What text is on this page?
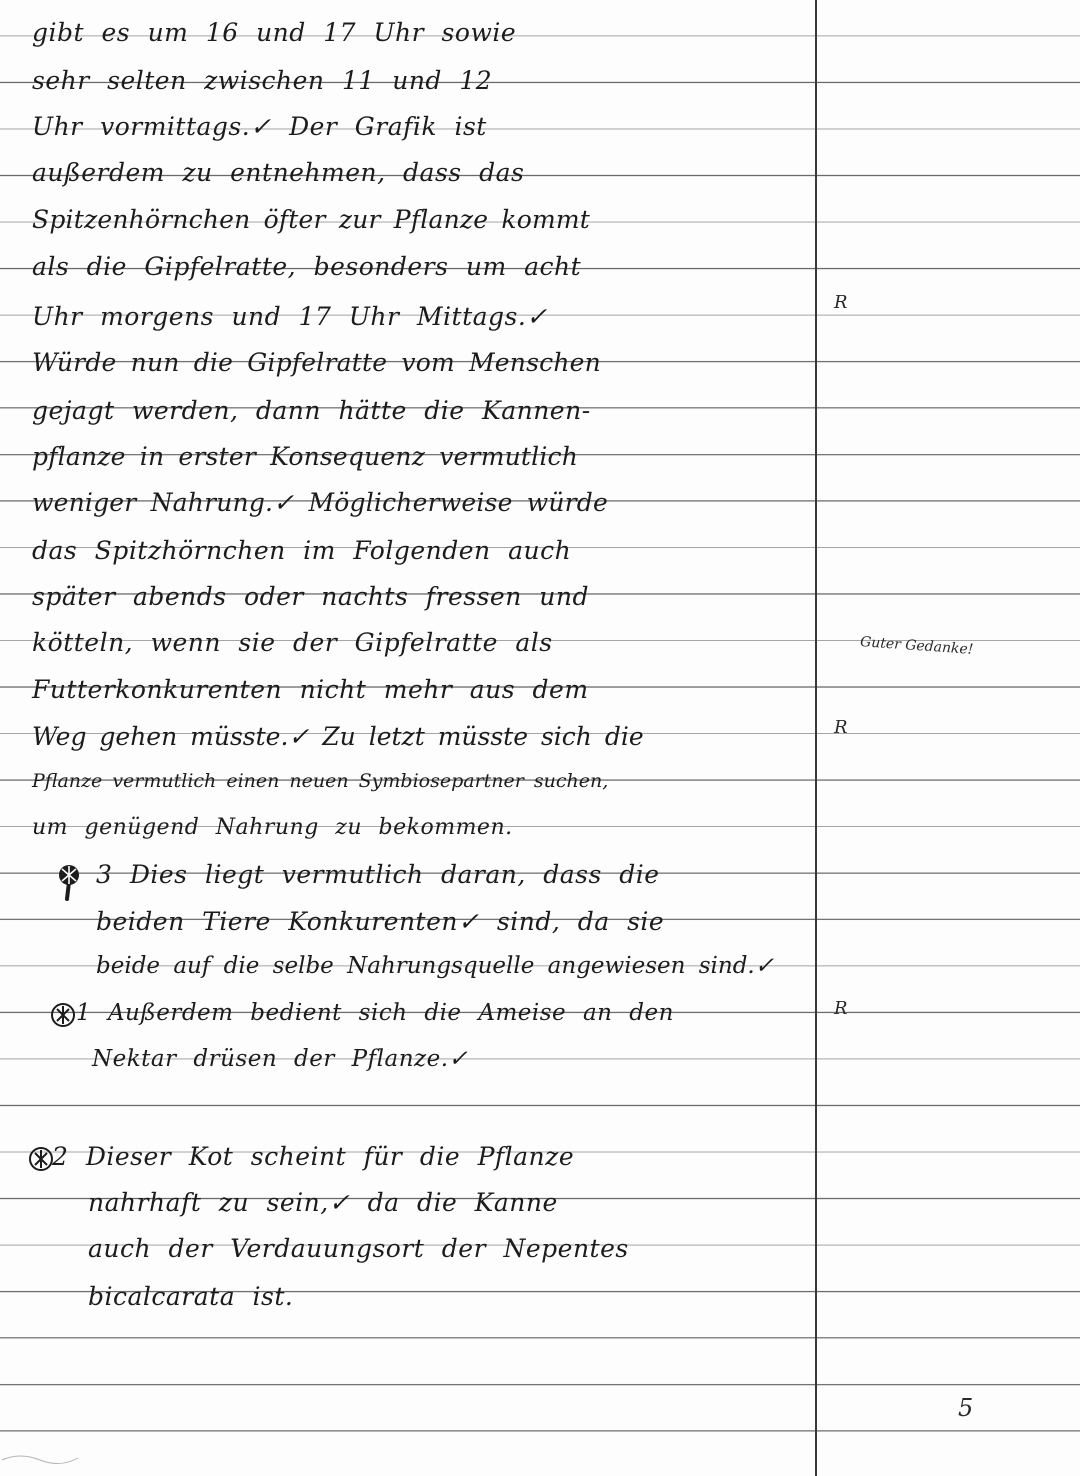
gibt es um 16 und 17 Uhr sowie
sehr selten zwischen 11 und 12
Uhr vormittags.✓ Der Grafik ist
außerdem zu entnehmen, dass das
Spitzenhörnchen öfter zur Pflanze kommt
als die Gipfelratte, besonders um acht
Uhr morgens und 17 Uhr Mittags.✓
Würde nun die Gipfelratte vom Menschen
gejagt werden, dann hätte die Kannen-
pflanze in erster Konsequenz vermutlich
weniger Nahrung.✓ Möglicherweise würde
das Spitzhörnchen im Folgenden auch
später abends oder nachts fressen und
kötteln, wenn sie der Gipfelratte als
Futterkonkurenten nicht mehr aus dem
Weg gehen müsste.✓ Zu letzt müsste sich die
Pflanze vermutlich einen neuen Symbiosepartner suchen,
um genügend Nahrung zu bekommen.
3 Dies liegt vermutlich daran, dass die
beiden Tiere Konkurenten✓ sind, da sie
beide auf die selbe Nahrungsquelle angewiesen sind.✓
1 Außerdem bedient sich die Ameise an den
Nektar drüsen der Pflanze.✓
2 Dieser Kot scheint für die Pflanze
nahrhaft zu sein,✓ da die Kanne
auch der Verdauungsort der Nepentes
bicalcarata ist.
R
R
R
Guter Gedanke!
5
